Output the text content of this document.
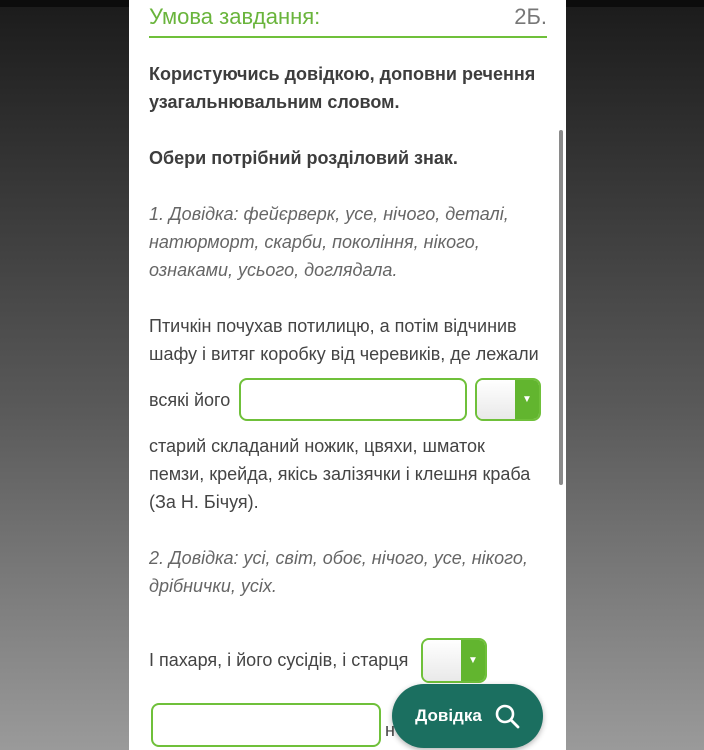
Умова завдання:	2Б.
Користуючись довідкою, доповни речення узагальнювальним словом.
Обери потрібний розділовий знак.
1. Довідка: фейєрверк, усе, нічого, деталі, натюрморт, скарби, покоління, нікого, ознаками, усього, доглядала.
Птичкін почухав потилицю, а потім відчинив шафу і витяг коробку від черевиків, де лежали
всякі його	▼
старий складаний ножик, цвяхи, шматок пемзи, крейда, якісь залізячки і клешня краба (За Н. Бічуя).
2. Довідка: усі, світ, обоє, нічого, усе, нікого, дрібнички, усіх.
І пахаря, і його сусідів, і старця	▼
н
Довідка
